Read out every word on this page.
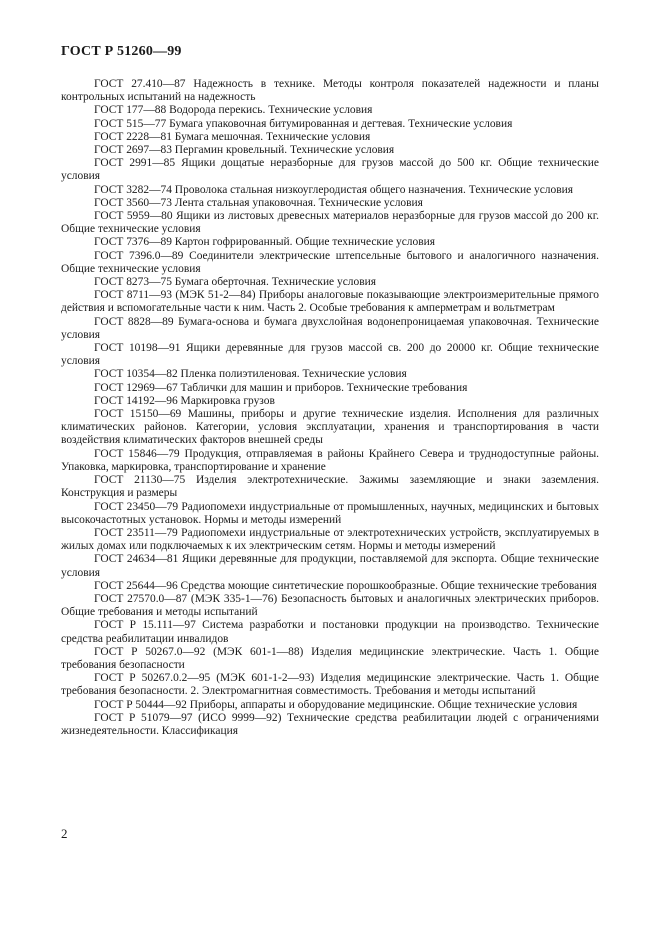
ГОСТ Р 51260—99

ГОСТ 27.410—87 Надежность в технике. Методы контроля показателей надежности и планы контрольных испытаний на надежность

ГОСТ 177—88 Водорода перекись. Технические условия

ГОСТ 515—77 Бумага упаковочная битумированная и дегтевая. Технические условия

ГОСТ 2228—81 Бумага мешочная. Технические условия

ГОСТ 2697—83 Пергамин кровельный. Технические условия

ГОСТ 2991—85 Ящики дощатые неразборные для грузов массой до 500 кг. Общие технические условия

ГОСТ 3282—74 Проволока стальная низкоуглеродистая общего назначения. Технические условия

ГОСТ 3560—73 Лента стальная упаковочная. Технические условия

ГОСТ 5959—80 Ящики из листовых древесных материалов неразборные для грузов массой до 200 кг. Общие технические условия

ГОСТ 7376—89 Картон гофрированный. Общие технические условия

ГОСТ 7396.0—89 Соединители электрические штепсельные бытового и аналогичного назначения. Общие технические условия

ГОСТ 8273—75 Бумага оберточная. Технические условия

ГОСТ 8711—93 (МЭК 51-2—84) Приборы аналоговые показывающие электроизмерительные прямого действия и вспомогательные части к ним. Часть 2. Особые требования к амперметрам и вольтметрам

ГОСТ 8828—89 Бумага-основа и бумага двухслойная водонепроницаемая упаковочная. Технические условия

ГОСТ 10198—91 Ящики деревянные для грузов массой св. 200 до 20000 кг. Общие технические условия

ГОСТ 10354—82 Пленка полиэтиленовая. Технические условия

ГОСТ 12969—67 Таблички для машин и приборов. Технические требования

ГОСТ 14192—96 Маркировка грузов

ГОСТ 15150—69 Машины, приборы и другие технические изделия. Исполнения для различных климатических районов. Категории, условия эксплуатации, хранения и транспортирования в части воздействия климатических факторов внешней среды

ГОСТ 15846—79 Продукция, отправляемая в районы Крайнего Севера и труднодоступные районы. Упаковка, маркировка, транспортирование и хранение

ГОСТ 21130—75 Изделия электротехнические. Зажимы заземляющие и знаки заземления. Конструкция и размеры

ГОСТ 23450—79 Радиопомехи индустриальные от промышленных, научных, медицинских и бытовых высокочастотных установок. Нормы и методы измерений

ГОСТ 23511—79 Радиопомехи индустриальные от электротехнических устройств, эксплуатируемых в жилых домах или подключаемых к их электрическим сетям. Нормы и методы измерений

ГОСТ 24634—81 Ящики деревянные для продукции, поставляемой для экспорта. Общие технические условия

ГОСТ 25644—96 Средства моющие синтетические порошкообразные. Общие технические требования

ГОСТ 27570.0—87 (МЭК 335-1—76) Безопасность бытовых и аналогичных электрических приборов. Общие требования и методы испытаний

ГОСТ Р 15.111—97 Система разработки и постановки продукции на производство. Технические средства реабилитации инвалидов

ГОСТ Р 50267.0—92 (МЭК 601-1—88) Изделия медицинские электрические. Часть 1. Общие требования безопасности

ГОСТ Р 50267.0.2—95 (МЭК 601-1-2—93) Изделия медицинские электрические. Часть 1. Общие требования безопасности. 2. Электромагнитная совместимость. Требования и методы испытаний

ГОСТ Р 50444—92 Приборы, аппараты и оборудование медицинские. Общие технические условия

ГОСТ Р 51079—97 (ИСО 9999—92) Технические средства реабилитации людей с ограничениями жизнедеятельности. Классификация

2
